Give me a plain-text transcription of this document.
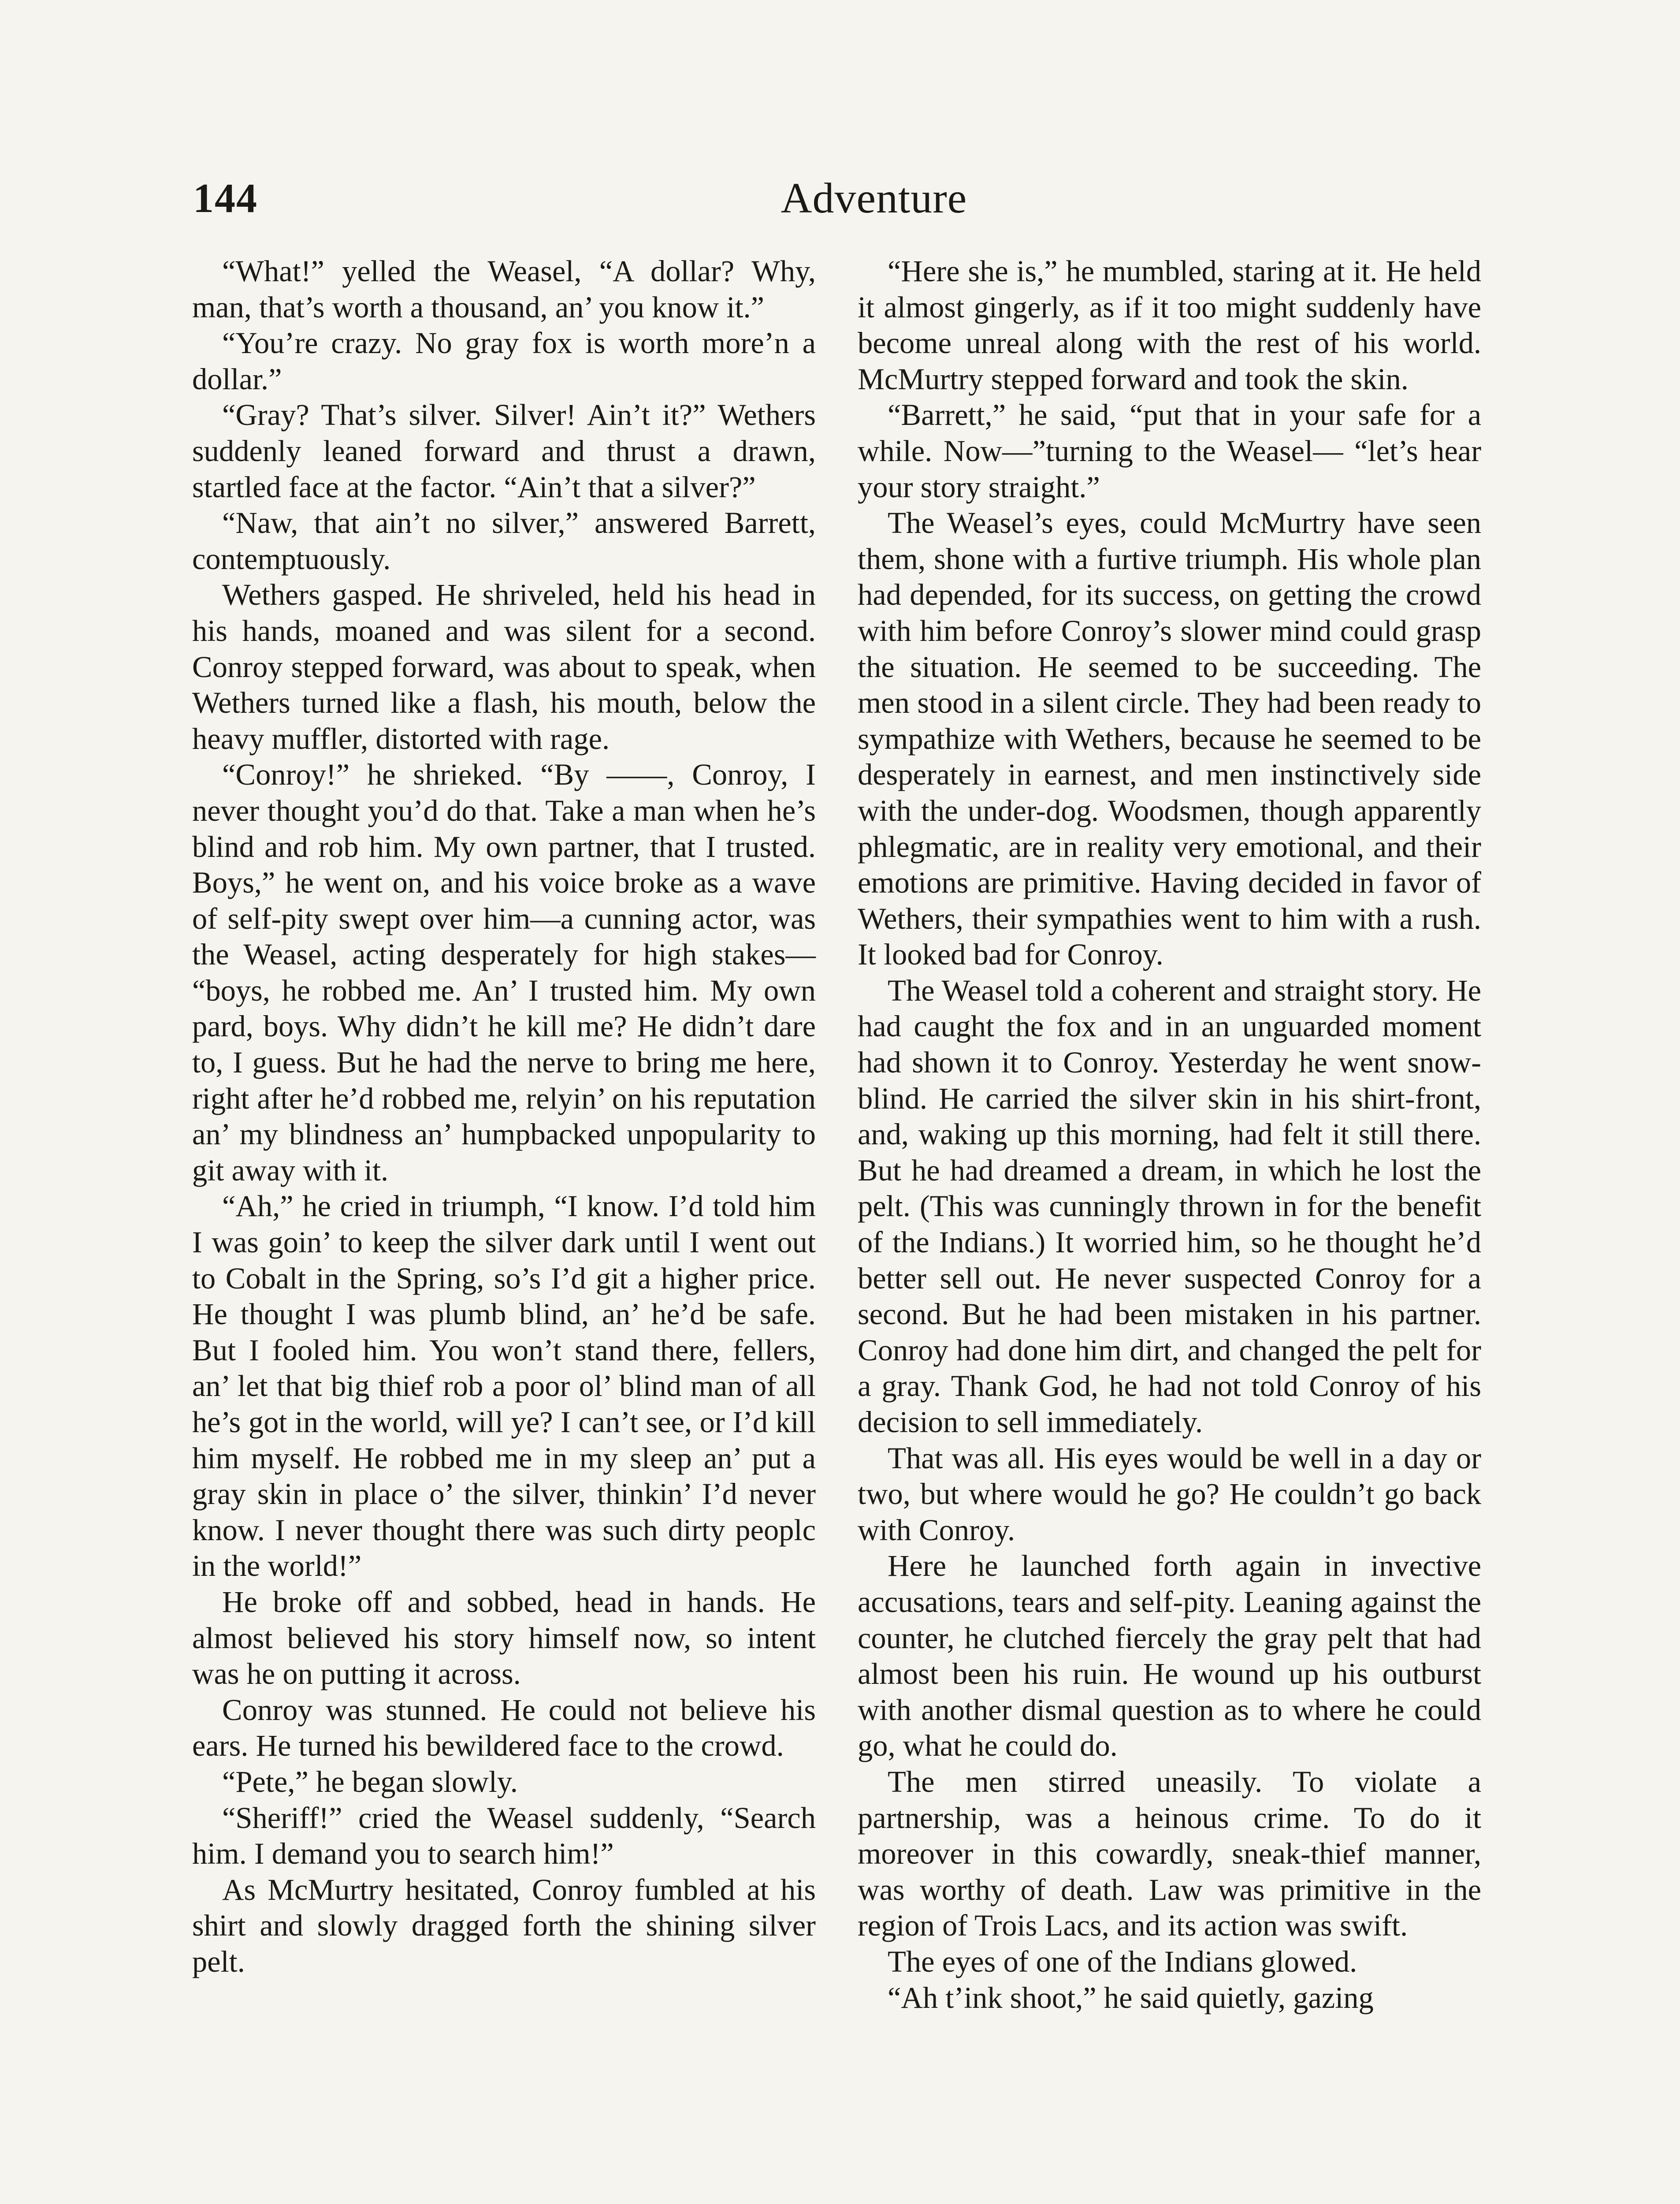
144	Adventure

“What!” yelled the Weasel, “A dollar? Why, man, that’s worth a thousand, an’ you know it.”

“You’re crazy. No gray fox is worth more’n a dollar.”

“Gray? That’s silver. Silver! Ain’t it?” Wethers suddenly leaned forward and thrust a drawn, startled face at the factor. “Ain’t that a silver?”

“Naw, that ain’t no silver,” answered Barrett, contemptuously.

Wethers gasped. He shriveled, held his head in his hands, moaned and was silent for a second. Conroy stepped forward, was about to speak, when Wethers turned like a flash, his mouth, below the heavy muffler, distorted with rage.

“Conroy!” he shrieked. “By ——, Conroy, I never thought you’d do that. Take a man when he’s blind and rob him. My own partner, that I trusted. Boys,” he went on, and his voice broke as a wave of self-pity swept over him—a cunning actor, was the Weasel, acting desperately for high stakes— “boys, he robbed me. An’ I trusted him. My own pard, boys. Why didn’t he kill me? He didn’t dare to, I guess. But he had the nerve to bring me here, right after he’d robbed me, relyin’ on his reputation an’ my blindness an’ humpbacked unpopularity to git away with it.

“Ah,” he cried in triumph, “I know. I’d told him I was goin’ to keep the silver dark until I went out to Cobalt in the Spring, so’s I’d git a higher price. He thought I was plumb blind, an’ he’d be safe. But I fooled him. You won’t stand there, fellers, an’ let that big thief rob a poor ol’ blind man of all he’s got in the world, will ye? I can’t see, or I’d kill him myself. He robbed me in my sleep an’ put a gray skin in place o’ the silver, thinkin’ I’d never know. I never thought there was such dirty peoplc in the world!”

He broke off and sobbed, head in hands. He almost believed his story himself now, so intent was he on putting it across.

Conroy was stunned. He could not believe his ears. He turned his bewildered face to the crowd.

“Pete,” he began slowly.

“Sheriff!” cried the Weasel suddenly, “Search him. I demand you to search him!”

As McMurtry hesitated, Conroy fumbled at his shirt and slowly dragged forth the shining silver pelt.

“Here she is,” he mumbled, staring at it. He held it almost gingerly, as if it too might suddenly have become unreal along with the rest of his world. McMurtry stepped forward and took the skin.

“Barrett,” he said, “put that in your safe for a while. Now—”turning to the Weasel— “let’s hear your story straight.”

The Weasel’s eyes, could McMurtry have seen them, shone with a furtive triumph. His whole plan had depended, for its success, on getting the crowd with him before Conroy’s slower mind could grasp the situation. He seemed to be succeeding. The men stood in a silent circle. They had been ready to sympathize with Wethers, because he seemed to be desperately in earnest, and men instinctively side with the under-dog. Woodsmen, though apparently phlegmatic, are in reality very emotional, and their emotions are primitive. Having decided in favor of Wethers, their sympathies went to him with a rush. It looked bad for Conroy.

The Weasel told a coherent and straight story. He had caught the fox and in an unguarded moment had shown it to Conroy. Yesterday he went snow-blind. He carried the silver skin in his shirt-front, and, waking up this morning, had felt it still there. But he had dreamed a dream, in which he lost the pelt. (This was cunningly thrown in for the benefit of the Indians.) It worried him, so he thought he’d better sell out. He never suspected Conroy for a second. But he had been mistaken in his partner. Conroy had done him dirt, and changed the pelt for a gray. Thank God, he had not told Conroy of his decision to sell immediately.

That was all. His eyes would be well in a day or two, but where would he go? He couldn’t go back with Conroy.

Here he launched forth again in invective accusations, tears and self-pity. Leaning against the counter, he clutched fiercely the gray pelt that had almost been his ruin. He wound up his outburst with another dismal question as to where he could go, what he could do.

The men stirred uneasily. To violate a partnership, was a heinous crime. To do it moreover in this cowardly, sneak-thief manner, was worthy of death. Law was primitive in the region of Trois Lacs, and its action was swift.

The eyes of one of the Indians glowed.

“Ah t’ink shoot,” he said quietly, gazing
